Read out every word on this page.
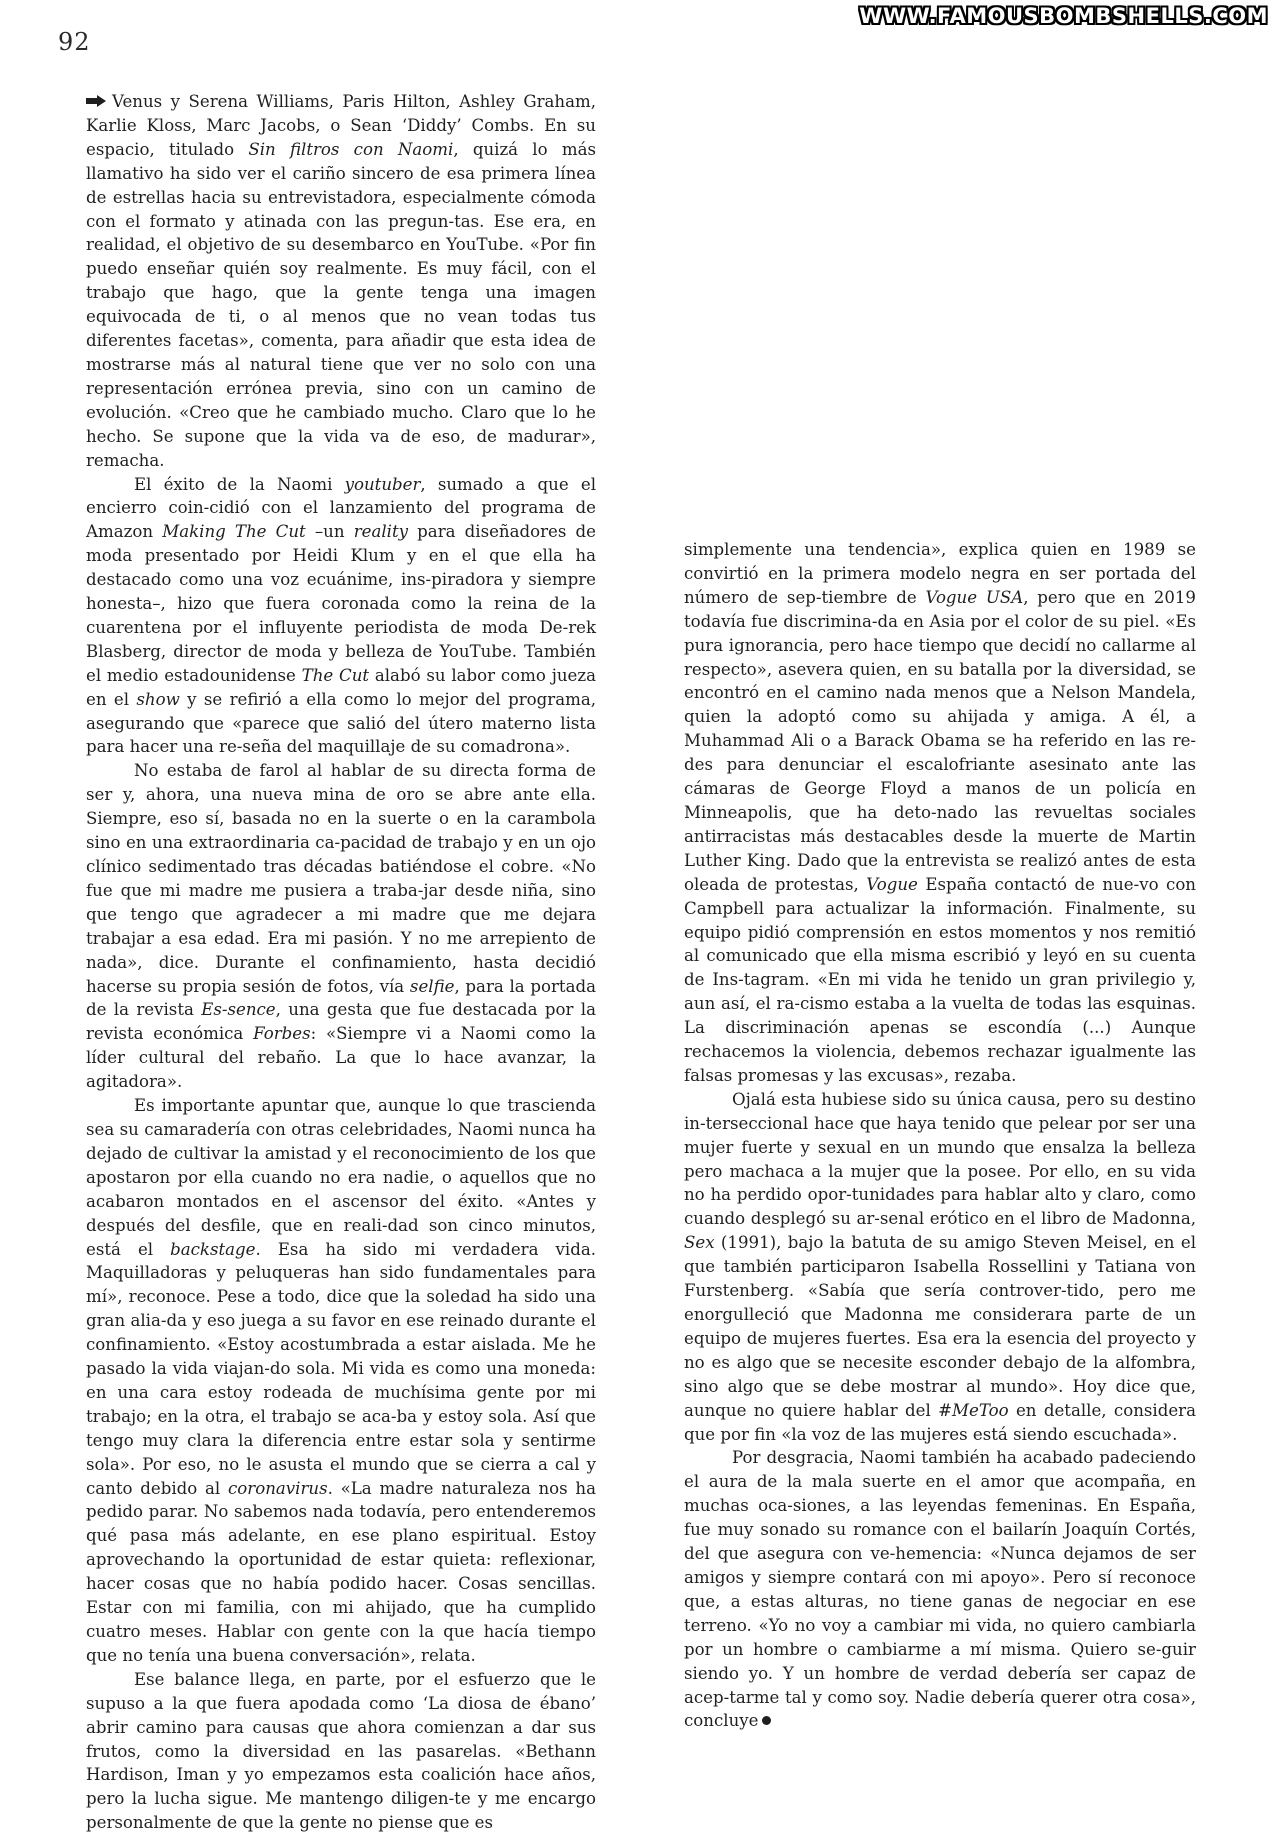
92
WWW.FAMOUSBOMBSHELLS.COM

Venus y Serena Williams, Paris Hilton, Ashley Graham, Karlie Kloss, Marc Jacobs, o Sean ‘Diddy’ Combs. En su espacio, titulado Sin filtros con Naomi, quizá lo más llamativo ha sido ver el cariño sincero de esa primera línea de estrellas hacia su entrevistadora, especialmente cómoda con el formato y atinada con las pregun-tas. Ese era, en realidad, el objetivo de su desembarco en YouTube. «Por fin puedo enseñar quién soy realmente. Es muy fácil, con el trabajo que hago, que la gente tenga una imagen equivocada de ti, o al menos que no vean todas tus diferentes facetas», comenta, para añadir que esta idea de mostrarse más al natural tiene que ver no solo con una representación errónea previa, sino con un camino de evolución. «Creo que he cambiado mucho. Claro que lo he hecho. Se supone que la vida va de eso, de madurar», remacha.

El éxito de la Naomi youtuber, sumado a que el encierro coin-cidió con el lanzamiento del programa de Amazon Making The Cut –un reality para diseñadores de moda presentado por Heidi Klum y en el que ella ha destacado como una voz ecuánime, ins-piradora y siempre honesta–, hizo que fuera coronada como la reina de la cuarentena por el influyente periodista de moda De-rek Blasberg, director de moda y belleza de YouTube. También el medio estadounidense The Cut alabó su labor como jueza en el show y se refirió a ella como lo mejor del programa, asegurando que «parece que salió del útero materno lista para hacer una re-seña del maquillaje de su comadrona».

No estaba de farol al hablar de su directa forma de ser y, ahora, una nueva mina de oro se abre ante ella. Siempre, eso sí, basada no en la suerte o en la carambola sino en una extraordinaria ca-pacidad de trabajo y en un ojo clínico sedimentado tras décadas batiéndose el cobre. «No fue que mi madre me pusiera a traba-jar desde niña, sino que tengo que agradecer a mi madre que me dejara trabajar a esa edad. Era mi pasión. Y no me arrepiento de nada», dice. Durante el confinamiento, hasta decidió hacerse su propia sesión de fotos, vía selfie, para la portada de la revista Es-sence, una gesta que fue destacada por la revista económica Forbes: «Siempre vi a Naomi como la líder cultural del rebaño. La que lo hace avanzar, la agitadora».

Es importante apuntar que, aunque lo que trascienda sea su camaradería con otras celebridades, Naomi nunca ha dejado de cultivar la amistad y el reconocimiento de los que apostaron por ella cuando no era nadie, o aquellos que no acabaron montados en el ascensor del éxito. «Antes y después del desfile, que en reali-dad son cinco minutos, está el backstage. Esa ha sido mi verdadera vida. Maquilladoras y peluqueras han sido fundamentales para mí», reconoce. Pese a todo, dice que la soledad ha sido una gran alia-da y eso juega a su favor en ese reinado durante el confinamiento. «Estoy acostumbrada a estar aislada. Me he pasado la vida viajan-do sola. Mi vida es como una moneda: en una cara estoy rodeada de muchísima gente por mi trabajo; en la otra, el trabajo se aca-ba y estoy sola. Así que tengo muy clara la diferencia entre estar sola y sentirme sola». Por eso, no le asusta el mundo que se cierra a cal y canto debido al coronavirus. «La madre naturaleza nos ha pedido parar. No sabemos nada todavía, pero entenderemos qué pasa más adelante, en ese plano espiritual. Estoy aprovechando la oportunidad de estar quieta: reflexionar, hacer cosas que no había podido hacer. Cosas sencillas. Estar con mi familia, con mi ahijado, que ha cumplido cuatro meses. Hablar con gente con la que hacía tiempo que no tenía una buena conversación», relata.

Ese balance llega, en parte, por el esfuerzo que le supuso a la que fuera apodada como ‘La diosa de ébano’ abrir camino para causas que ahora comienzan a dar sus frutos, como la diversidad en las pasarelas. «Bethann Hardison, Iman y yo empezamos esta coalición hace años, pero la lucha sigue. Me mantengo diligen-te y me encargo personalmente de que la gente no piense que es

simplemente una tendencia», explica quien en 1989 se convirtió en la primera modelo negra en ser portada del número de sep-tiembre de Vogue USA, pero que en 2019 todavía fue discrimina-da en Asia por el color de su piel. «Es pura ignorancia, pero hace tiempo que decidí no callarme al respecto», asevera quien, en su batalla por la diversidad, se encontró en el camino nada menos que a Nelson Mandela, quien la adoptó como su ahijada y amiga. A él, a Muhammad Ali o a Barack Obama se ha referido en las re-des para denunciar el escalofriante asesinato ante las cámaras de George Floyd a manos de un policía en Minneapolis, que ha deto-nado las revueltas sociales antirracistas más destacables desde la muerte de Martin Luther King. Dado que la entrevista se realizó antes de esta oleada de protestas, Vogue España contactó de nue-vo con Campbell para actualizar la información. Finalmente, su equipo pidió comprensión en estos momentos y nos remitió al comunicado que ella misma escribió y leyó en su cuenta de Ins-tagram. «En mi vida he tenido un gran privilegio y, aun así, el ra-cismo estaba a la vuelta de todas las esquinas. La discriminación apenas se escondía (...) Aunque rechacemos la violencia, debemos rechazar igualmente las falsas promesas y las excusas», rezaba.

Ojalá esta hubiese sido su única causa, pero su destino in-terseccional hace que haya tenido que pelear por ser una mujer fuerte y sexual en un mundo que ensalza la belleza pero machaca a la mujer que la posee. Por ello, en su vida no ha perdido opor-tunidades para hablar alto y claro, como cuando desplegó su ar-senal erótico en el libro de Madonna, Sex (1991), bajo la batuta de su amigo Steven Meisel, en el que también participaron Isabella Rossellini y Tatiana von Furstenberg. «Sabía que sería controver-tido, pero me enorgulleció que Madonna me considerara parte de un equipo de mujeres fuertes. Esa era la esencia del proyecto y no es algo que se necesite esconder debajo de la alfombra, sino algo que se debe mostrar al mundo». Hoy dice que, aunque no quiere hablar del #MeToo en detalle, considera que por fin «la voz de las mujeres está siendo escuchada».

Por desgracia, Naomi también ha acabado padeciendo el aura de la mala suerte en el amor que acompaña, en muchas oca-siones, a las leyendas femeninas. En España, fue muy sonado su romance con el bailarín Joaquín Cortés, del que asegura con ve-hemencia: «Nunca dejamos de ser amigos y siempre contará con mi apoyo». Pero sí reconoce que, a estas alturas, no tiene ganas de negociar en ese terreno. «Yo no voy a cambiar mi vida, no quiero cambiarla por un hombre o cambiarme a mí misma. Quiero se-guir siendo yo. Y un hombre de verdad debería ser capaz de acep-tarme tal y como soy. Nadie debería querer otra cosa», concluye
